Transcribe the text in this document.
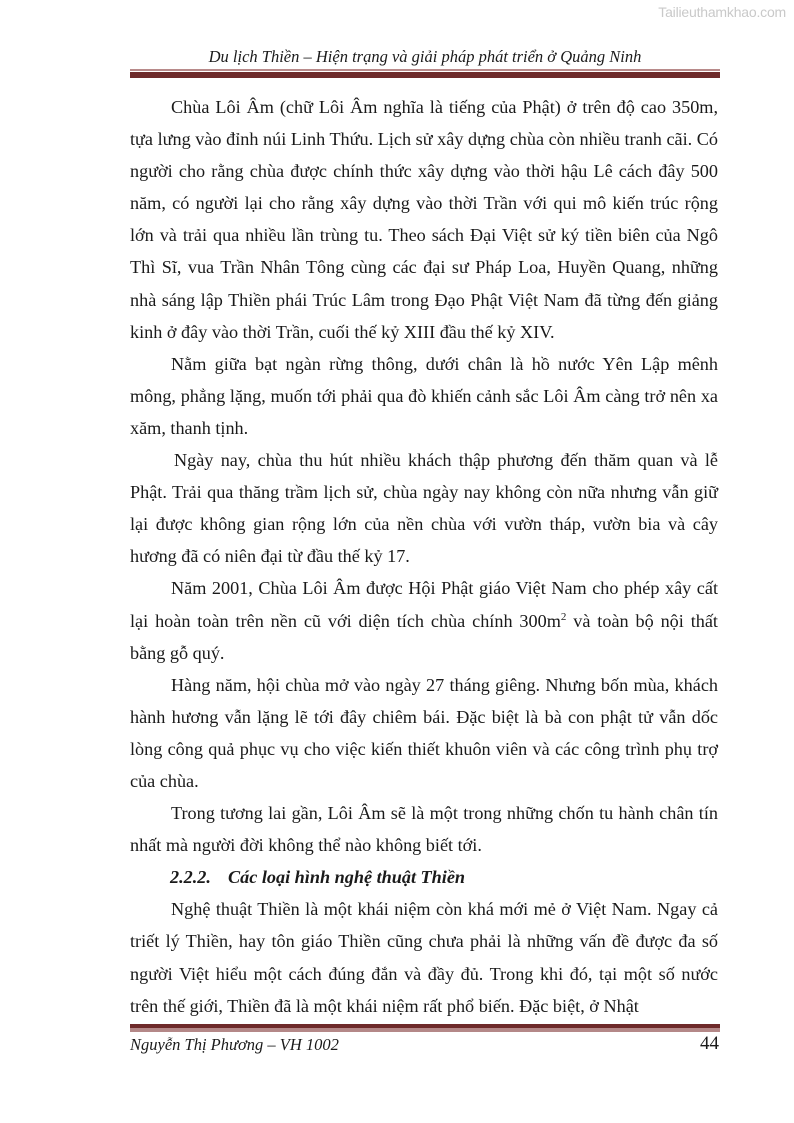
Tailieuthamkhao.com
Du lịch Thiền – Hiện trạng và giải pháp phát triển ở Quảng Ninh

Chùa Lôi Âm (chữ Lôi Âm nghĩa là tiếng của Phật) ở trên độ cao 350m, tựa lưng vào đỉnh núi Linh Thứu. Lịch sử xây dựng chùa còn nhiều tranh cãi. Có người cho rằng chùa được chính thức xây dựng vào thời hậu Lê cách đây 500 năm, có người lại cho rằng xây dựng vào thời Trần với qui mô kiến trúc rộng lớn và trải qua nhiều lần trùng tu. Theo sách Đại Việt sử ký tiền biên của Ngô Thì Sĩ, vua Trần Nhân Tông cùng các đại sư Pháp Loa, Huyền Quang, những nhà sáng lập Thiền phái Trúc Lâm trong Đạo Phật Việt Nam đã từng đến giảng kinh ở đây vào thời Trần, cuối thế kỷ XIII đầu thế kỷ XIV.

Nằm giữa bạt ngàn rừng thông, dưới chân là hồ nước Yên Lập mênh mông, phẳng lặng, muốn tới phải qua đò khiến cảnh sắc Lôi Âm càng trở nên xa xăm, thanh tịnh.

Ngày nay, chùa thu hút nhiều khách thập phương đến thăm quan và lễ Phật. Trải qua thăng trầm lịch sử, chùa ngày nay không còn nữa nhưng vẫn giữ lại được không gian rộng lớn của nền chùa với vườn tháp, vườn bia và cây hương đã có niên đại từ đầu thế kỷ 17.

Năm 2001, Chùa Lôi Âm được Hội Phật giáo Việt Nam cho phép xây cất lại hoàn toàn trên nền cũ với diện tích chùa chính $300m^2$ và toàn bộ nội thất bằng gỗ quý.

Hàng năm, hội chùa mở vào ngày 27 tháng giêng. Nhưng bốn mùa, khách hành hương vẫn lặng lẽ tới đây chiêm bái. Đặc biệt là bà con phật tử vẫn dốc lòng công quả phục vụ cho việc kiến thiết khuôn viên và các công trình phụ trợ của chùa.

Trong tương lai gần, Lôi Âm sẽ là một trong những chốn tu hành chân tín nhất mà người đời không thể nào không biết tới.

2.2.2. Các loại hình nghệ thuật Thiền

Nghệ thuật Thiền là một khái niệm còn khá mới mẻ ở Việt Nam. Ngay cả triết lý Thiền, hay tôn giáo Thiền cũng chưa phải là những vấn đề được đa số người Việt hiểu một cách đúng đắn và đầy đủ. Trong khi đó, tại một số nước trên thế giới, Thiền đã là một khái niệm rất phổ biến. Đặc biệt, ở Nhật

Nguyễn Thị Phương – VH 1002	44
